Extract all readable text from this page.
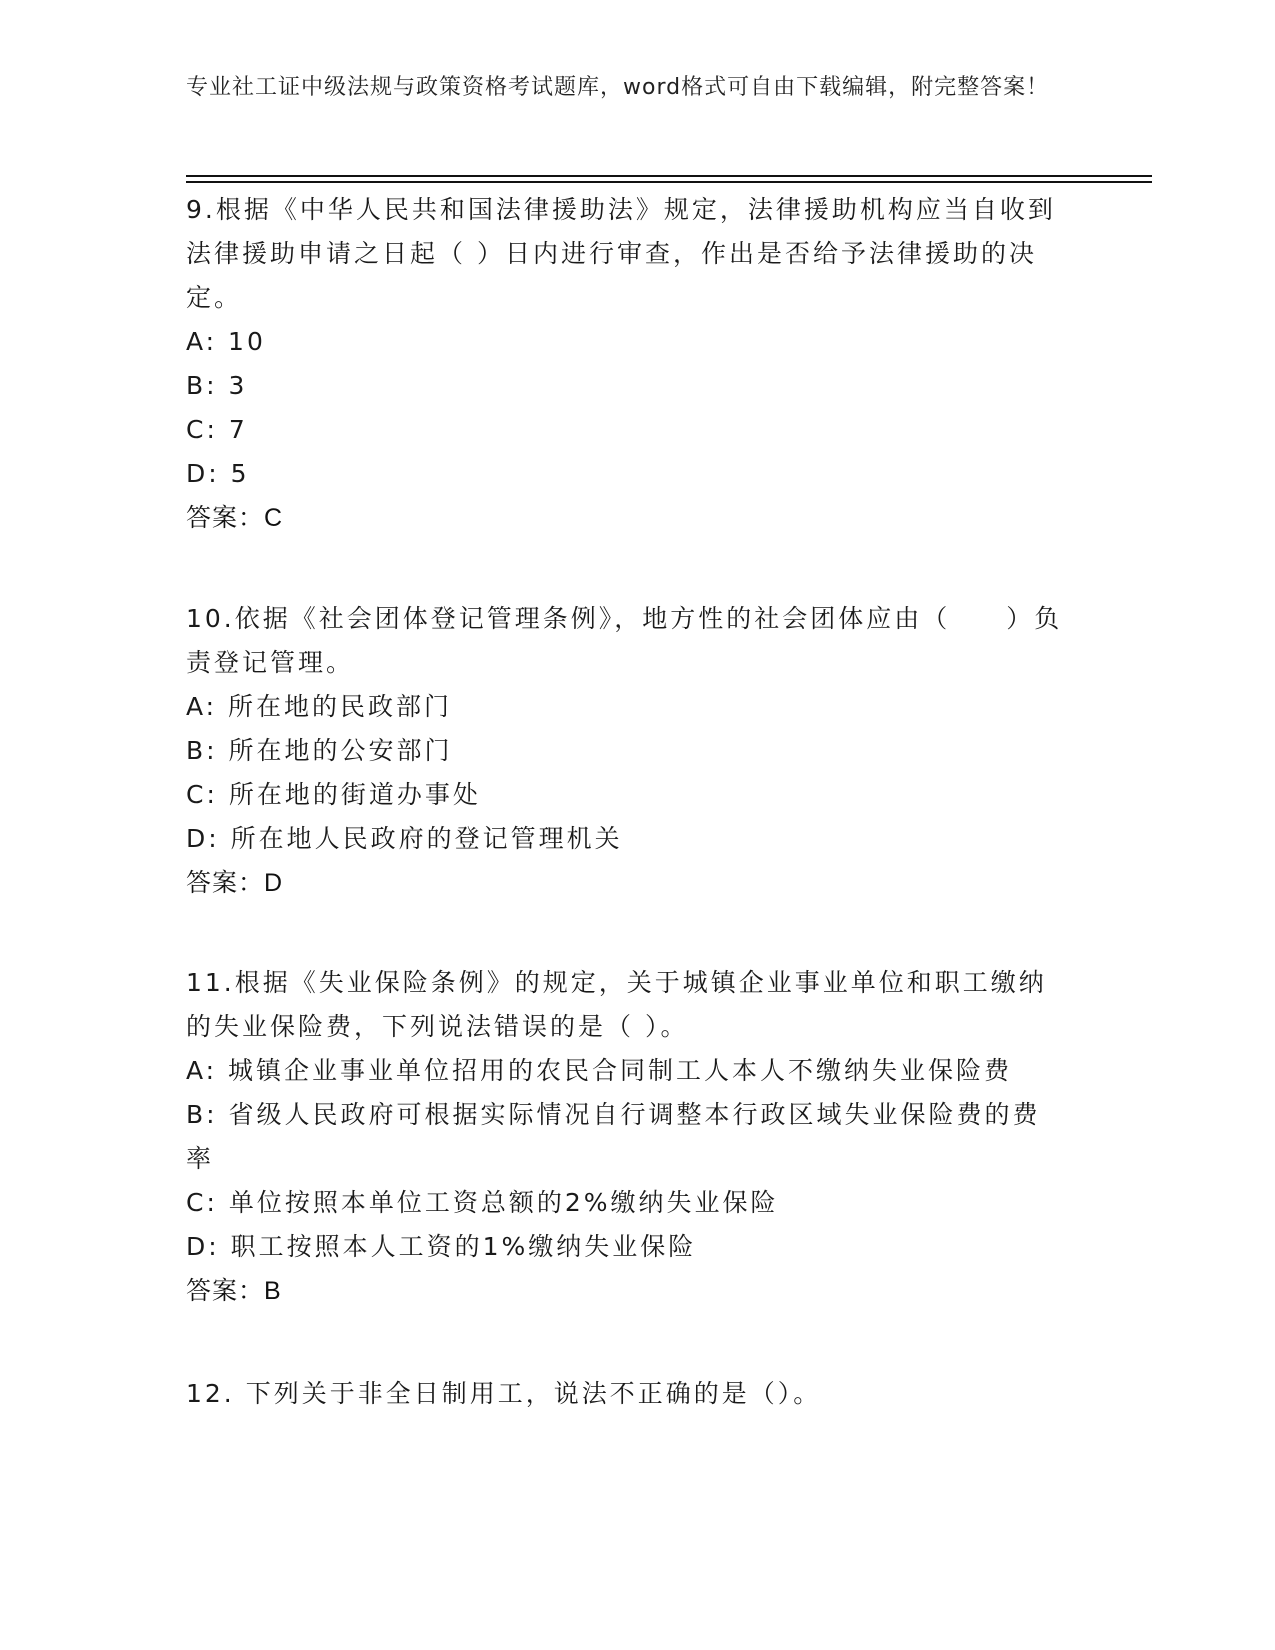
专业社工证中级法规与政策资格考试题库，word格式可自由下载编辑，附完整答案！
9.根据《中华人民共和国法律援助法》规定，法律援助机构应当自收到法律援助申请之日起（ ）日内进行审查，作出是否给予法律援助的决定。
A: 10
B: 3
C: 7
D: 5
答案：C
10.依据《社会团体登记管理条例》，地方性的社会团体应由（　　）负责登记管理。
A: 所在地的民政部门
B: 所在地的公安部门
C: 所在地的街道办事处
D: 所在地人民政府的登记管理机关
答案：D
11.根据《失业保险条例》的规定，关于城镇企业事业单位和职工缴纳的失业保险费，下列说法错误的是（ ）。
A: 城镇企业事业单位招用的农民合同制工人本人不缴纳失业保险费
B: 省级人民政府可根据实际情况自行调整本行政区域失业保险费的费率
C: 单位按照本单位工资总额的2%缴纳失业保险
D: 职工按照本人工资的1%缴纳失业保险
答案：B
12. 下列关于非全日制用工，说法不正确的是（）。
